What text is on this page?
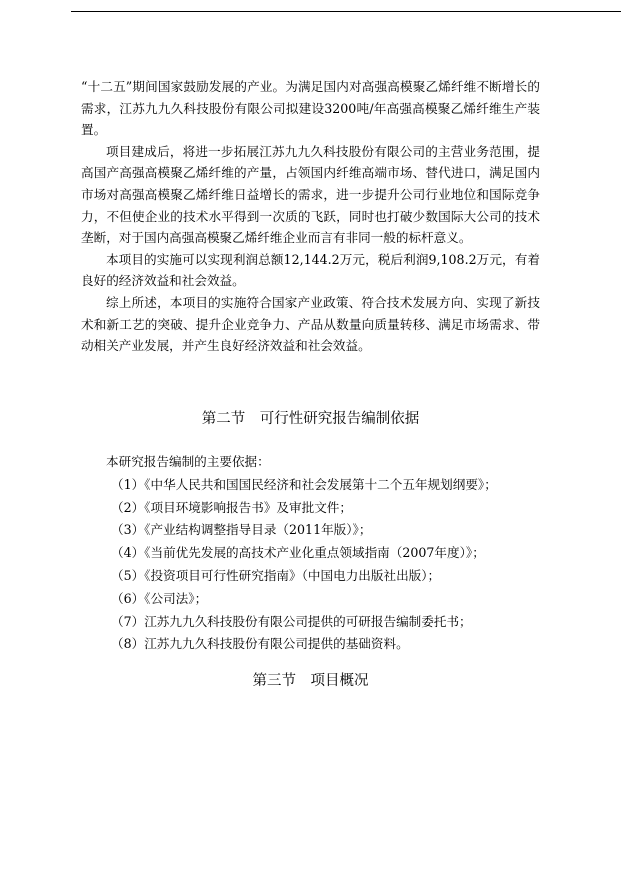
“十二五”期间国家鼓励发展的产业。为满足国内对高强高模聚乙烯纤维不断增长的需求，江苏九九久科技股份有限公司拟建设3200吨/年高强高模聚乙烯纤维生产装置。

项目建成后，将进一步拓展江苏九九久科技股份有限公司的主营业务范围，提高国产高强高模聚乙烯纤维的产量，占领国内纤维高端市场、替代进口，满足国内市场对高强高模聚乙烯纤维日益增长的需求，进一步提升公司行业地位和国际竞争力，不但使企业的技术水平得到一次质的飞跃，同时也打破少数国际大公司的技术垄断，对于国内高强高模聚乙烯纤维企业而言有非同一般的标杆意义。

本项目的实施可以实现利润总额12,144.2万元，税后利润9,108.2万元，有着良好的经济效益和社会效益。

综上所述，本项目的实施符合国家产业政策、符合技术发展方向、实现了新技术和新工艺的突破、提升企业竞争力、产品从数量向质量转移、满足市场需求、带动相关产业发展，并产生良好经济效益和社会效益。

第二节　可行性研究报告编制依据

本研究报告编制的主要依据：

（1）《中华人民共和国国民经济和社会发展第十二个五年规划纲要》；

（2）《项目环境影响报告书》及审批文件；

（3）《产业结构调整指导目录（2011年版）》；

（4）《当前优先发展的高技术产业化重点领域指南（2007年度）》；

（5）《投资项目可行性研究指南》（中国电力出版社出版）；

（6）《公司法》；

（7）江苏九九久科技股份有限公司提供的可研报告编制委托书；

（8）江苏九九久科技股份有限公司提供的基础资料。

第三节　项目概况
